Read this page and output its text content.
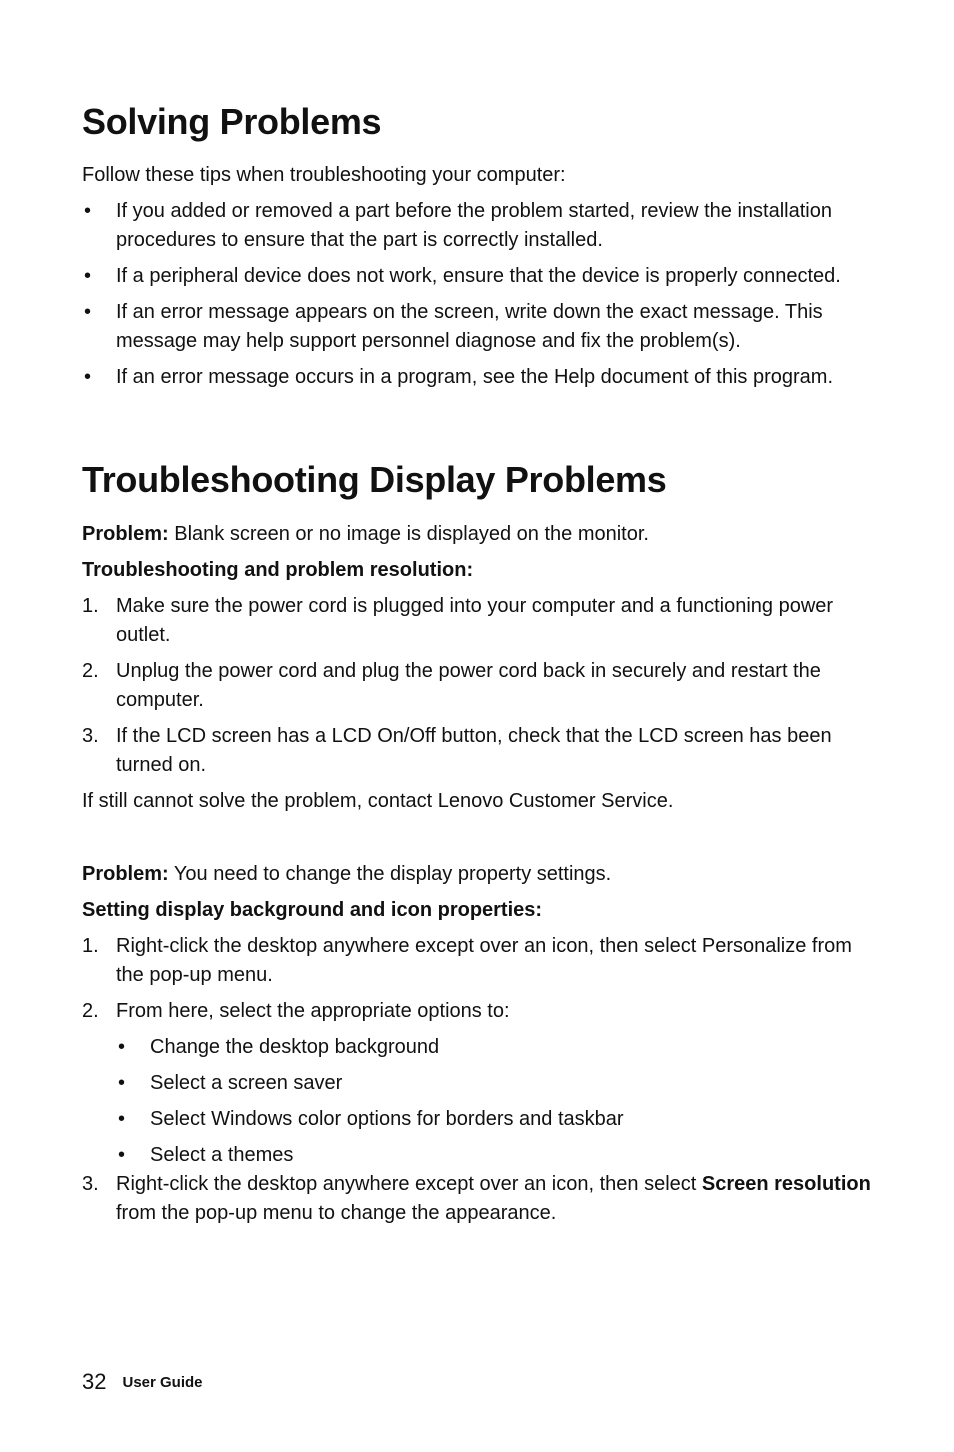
Solving Problems

Follow these tips when troubleshooting your computer:

•	If you added or removed a part before the problem started, review the installation procedures to ensure that the part is correctly installed.
•	If a peripheral device does not work, ensure that the device is properly connected.
•	If an error message appears on the screen, write down the exact message. This message may help support personnel diagnose and fix the problem(s).
•	If an error message occurs in a program, see the Help document of this program.
Troubleshooting Display Problems

Problem: Blank screen or no image is displayed on the monitor.

Troubleshooting and problem resolution:

1. Make sure the power cord is plugged into your computer and a functioning power outlet.
2. Unplug the power cord and plug the power cord back in securely and restart the computer.
3. If the LCD screen has a LCD On/Off button, check that the LCD screen has been turned on.

If still cannot solve the problem, contact Lenovo Customer Service.

Problem: You need to change the display property settings.

Setting display background and icon properties:

1. Right-click the desktop anywhere except over an icon, then select Personalize from the pop-up menu.
2. From here, select the appropriate options to:
•	Change the desktop background
•	Select a screen saver
•	Select Windows color options for borders and taskbar
•	Select a themes
3. Right-click the desktop anywhere except over an icon, then select Screen resolution from the pop-up menu to change the appearance.
32 User Guide
